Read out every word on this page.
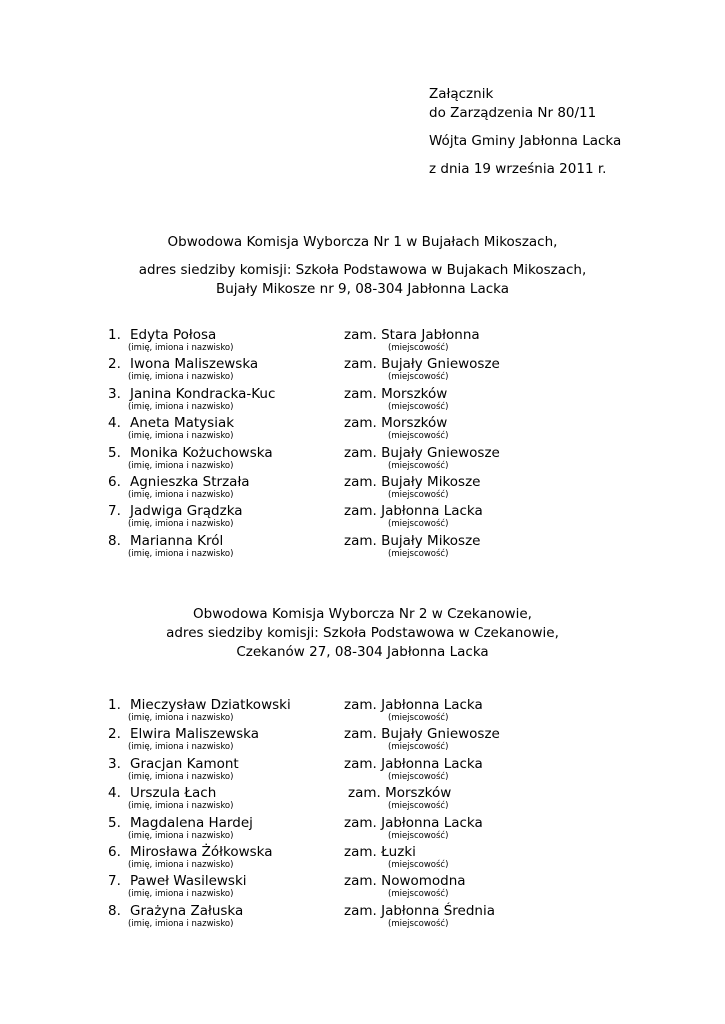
Załącznik
do Zarządzenia Nr 80/11
Wójta Gminy Jabłonna Lacka
z dnia 19 września 2011 r.
Obwodowa Komisja Wyborcza Nr 1 w Bujałach Mikoszach,
adres siedziby komisji: Szkoła Podstawowa w Bujakach Mikoszach,
Bujały Mikosze nr 9, 08-304 Jabłonna Lacka
1. Edyta Połosa	zam. Stara Jabłonna
(imię, imiona i nazwisko)	(miejscowość)
2. Iwona Maliszewska	zam. Bujały Gniewosze
(imię, imiona i nazwisko)	(miejscowość)
3. Janina Kondracka-Kuc	zam. Morszków
(imię, imiona i nazwisko)	(miejscowość)
4. Aneta Matysiak	zam. Morszków
(imię, imiona i nazwisko)	(miejscowość)
5. Monika Kożuchowska	zam. Bujały Gniewosze
(imię, imiona i nazwisko)	(miejscowość)
6. Agnieszka Strzała	zam. Bujały Mikosze
(imię, imiona i nazwisko)	(miejscowość)
7. Jadwiga Grądzka	zam. Jabłonna Lacka
(imię, imiona i nazwisko)	(miejscowość)
8. Marianna Król	zam. Bujały Mikosze
(imię, imiona i nazwisko)	(miejscowość)
Obwodowa Komisja Wyborcza Nr 2 w Czekanowie,
adres siedziby komisji: Szkoła Podstawowa w Czekanowie,
Czekanów 27, 08-304 Jabłonna Lacka
1. Mieczysław Dziatkowski	zam. Jabłonna Lacka
(imię, imiona i nazwisko)	(miejscowość)
2. Elwira Maliszewska	zam. Bujały Gniewosze
(imię, imiona i nazwisko)	(miejscowość)
3. Gracjan Kamont	zam. Jabłonna Lacka
(imię, imiona i nazwisko)	(miejscowość)
4. Urszula Łach	zam. Morszków
(imię, imiona i nazwisko)	(miejscowość)
5. Magdalena Hardej	zam. Jabłonna Lacka
(imię, imiona i nazwisko)	(miejscowość)
6. Mirosława Żółkowska	zam. Łuzki
(imię, imiona i nazwisko)	(miejscowość)
7. Paweł Wasilewski	zam. Nowomodna
(imię, imiona i nazwisko)	(miejscowość)
8. Grażyna Załuska	zam. Jabłonna Średnia
(imię, imiona i nazwisko)	(miejscowość)
